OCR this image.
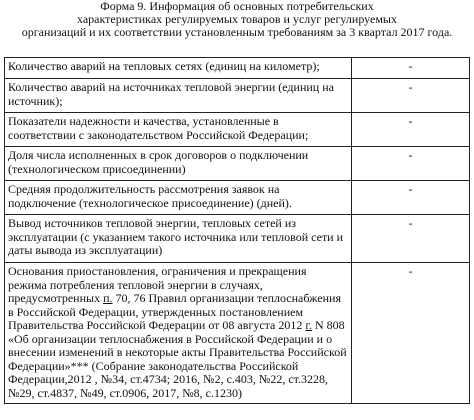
Форма 9. Информация об основных потребительских
характеристиках регулируемых товаров и услуг регулируемых
организаций и их соответствии установленным требованиям за 3 квартал 2017 года.
Количество аварий на тепловых сетях (единиц на километр);	-
Количество аварий на источниках тепловой энергии (единиц на источник);	-
Показатели надежности и качества, установленные в соответствии с законодательством Российской Федерации;	-
Доля числа исполненных в срок договоров о подключении (технологическом присоединении)	-
Средняя продолжительность рассмотрения заявок на подключение (технологическое присоединение) (дней).	-
Вывод источников тепловой энергии, тепловых сетей из эксплуатации (с указанием такого источника или тепловой сети и даты вывода из эксплуатации)	-
Основания приостановления, ограничения и прекращения режима потребления тепловой энергии в случаях, предусмотренных п. 70, 76 Правил организации теплоснабжения в Российской Федерации, утвержденных постановлением Правительства Российской Федерации от 08 августа 2012 г. N 808 «Об организации теплоснабжения в Российской Федерации и о внесении изменений в некоторые акты Правительства Российской Федерации»*** (Собрание законодательства Российской Федерации,2012 , №34, ст.4734; 2016, №2, с.403, №22, ст.3228, №29, ст.4837, №49, ст.0906, 2017, №8, с.1230)	-
